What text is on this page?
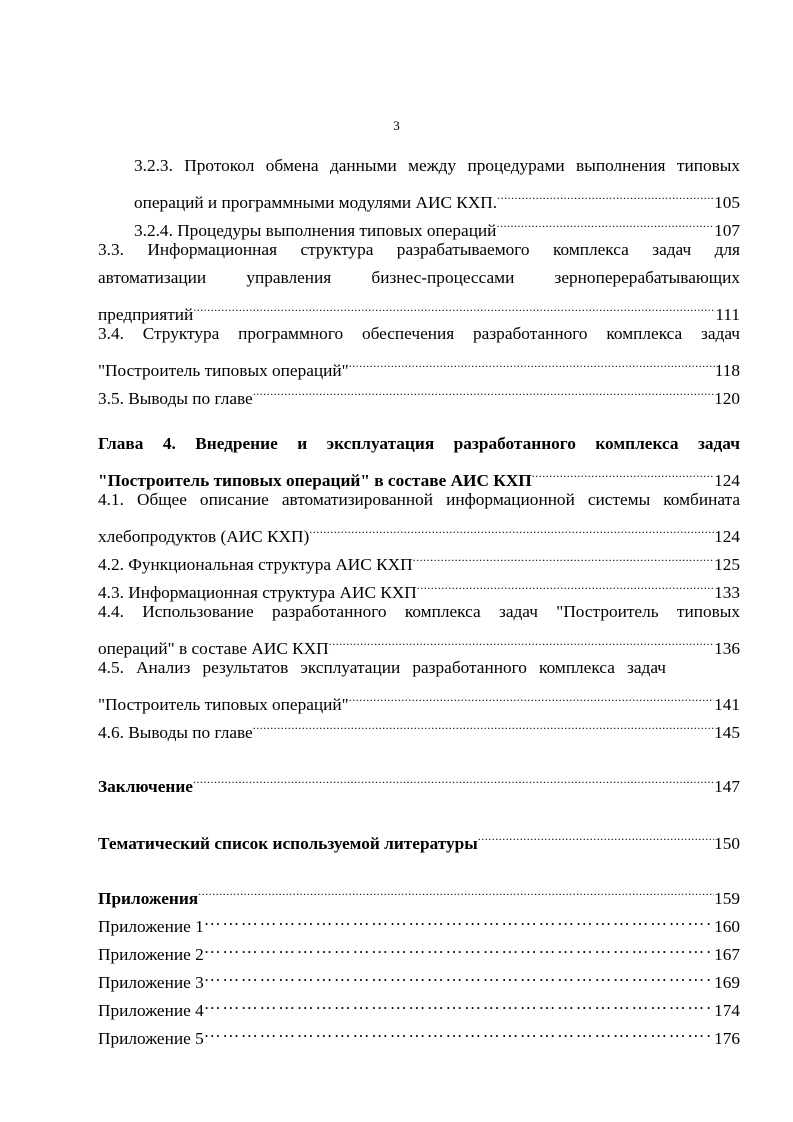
3
3.2.3. Протокол обмена данными между процедурами выполнения типовых
операций и программными модулями АИС КХП. .....	105
3.2.4. Процедуры выполнения типовых операций .....	107
3.3. Информационная структура разрабатываемого комплекса задач для
автоматизации управления бизнес-процессами зерноперерабатывающих
предприятий .....	111
3.4. Структура программного обеспечения разработанного комплекса задач
"Построитель типовых операций" .....	118
3.5. Выводы по главе .....	120
Глава 4. Внедрение и эксплуатация разработанного комплекса задач
"Построитель типовых операций" в составе АИС КХП .....	124
4.1. Общее описание автоматизированной информационной системы комбината
хлебопродуктов (АИС КХП) .....	124
4.2. Функциональная структура АИС КХП .....	125
4.3. Информационная структура АИС КХП .....	133
4.4. Использование разработанного комплекса задач "Построитель типовых
операций" в составе АИС КХП .....	136
4.5. Анализ результатов эксплуатации разработанного комплекса задач
"Построитель типовых операций" .....	141
4.6. Выводы по главе .....	145
Заключение .....	147
Тематический список используемой литературы .....	150
Приложения .....	159
Приложение 1 …………………………………………………………………………………………………………………………………………………………………………………………	160
Приложение 2 …………………………………………………………………………………………………………………………………………………………………………………………	167
Приложение 3 …………………………………………………………………………………………………………………………………………………………………………………………	169
Приложение 4 …………………………………………………………………………………………………………………………………………………………………………………………	174
Приложение 5 …………………………………………………………………………………………………………………………………………………………………………………………	176
